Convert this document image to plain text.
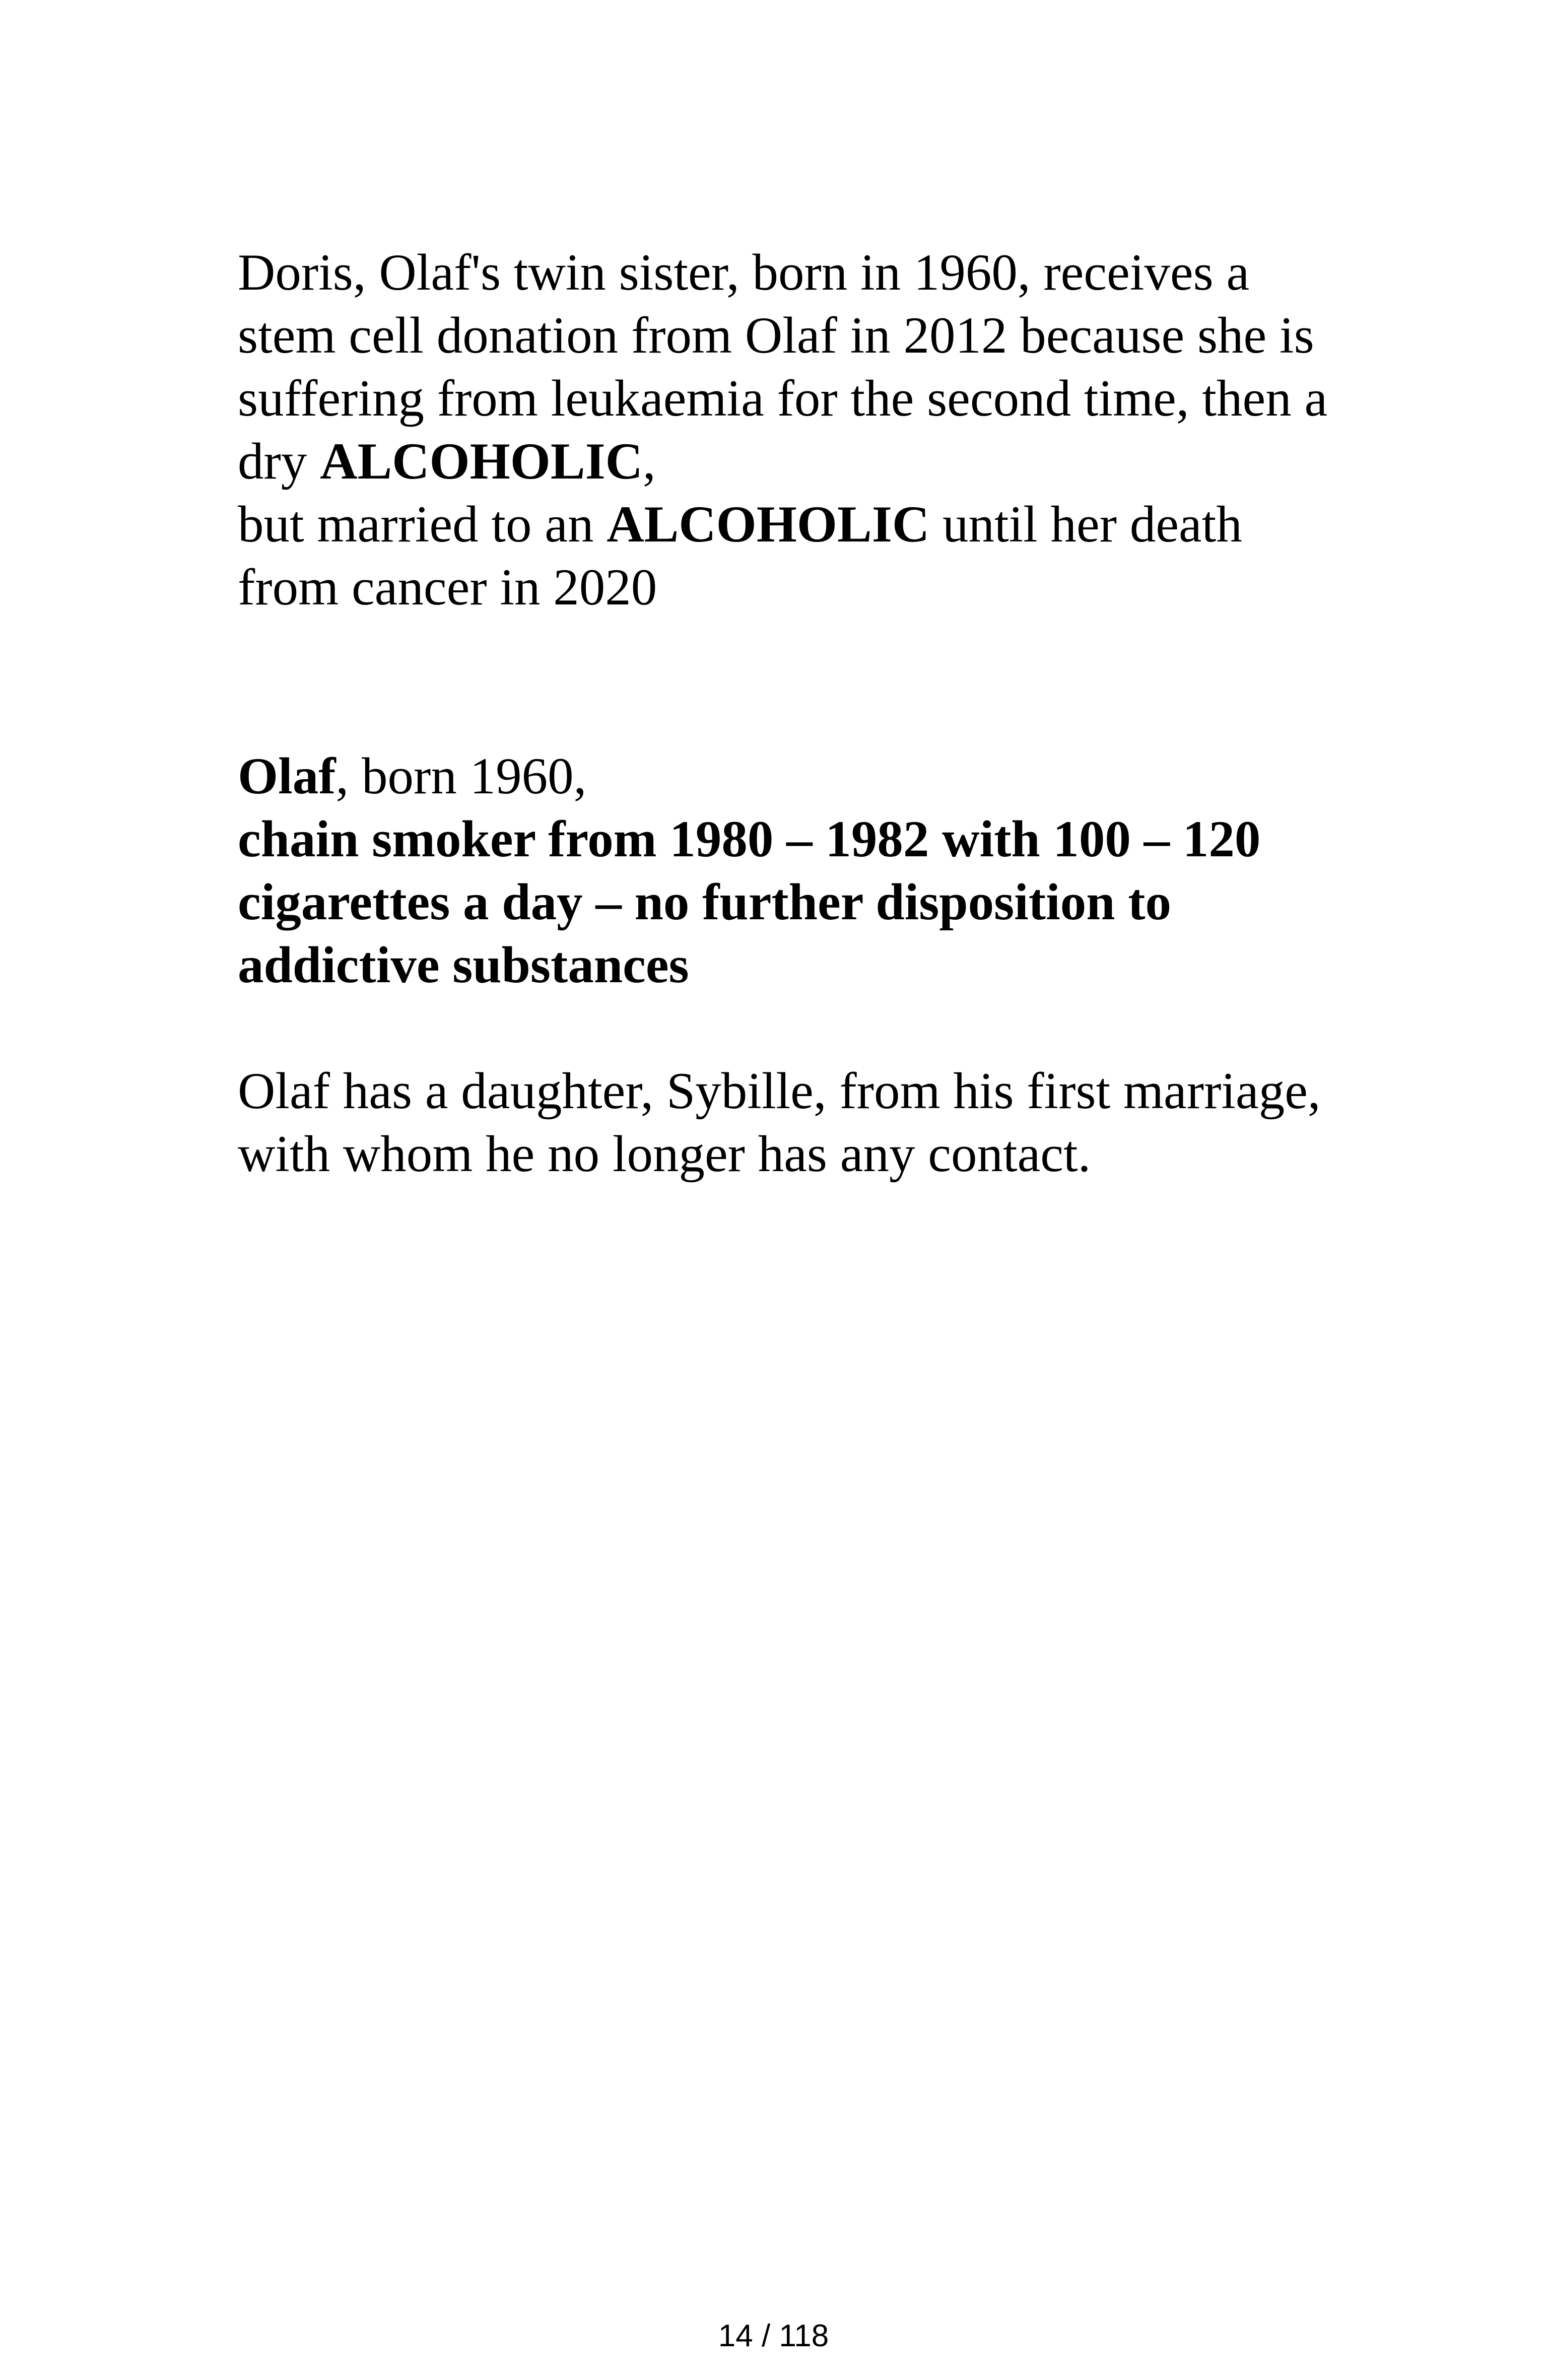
Doris, Olaf's twin sister, born in 1960, receives a
stem cell donation from Olaf in 2012 because she is
suffering from leukaemia for the second time, then a
dry ALCOHOLIC,
but married to an ALCOHOLIC until her death
from cancer in 2020

Olaf, born 1960,
chain smoker from 1980 – 1982 with 100 – 120
cigarettes a day – no further disposition to
addictive substances

Olaf has a daughter, Sybille, from his first marriage,
with whom he no longer has any contact.

14 / 118
